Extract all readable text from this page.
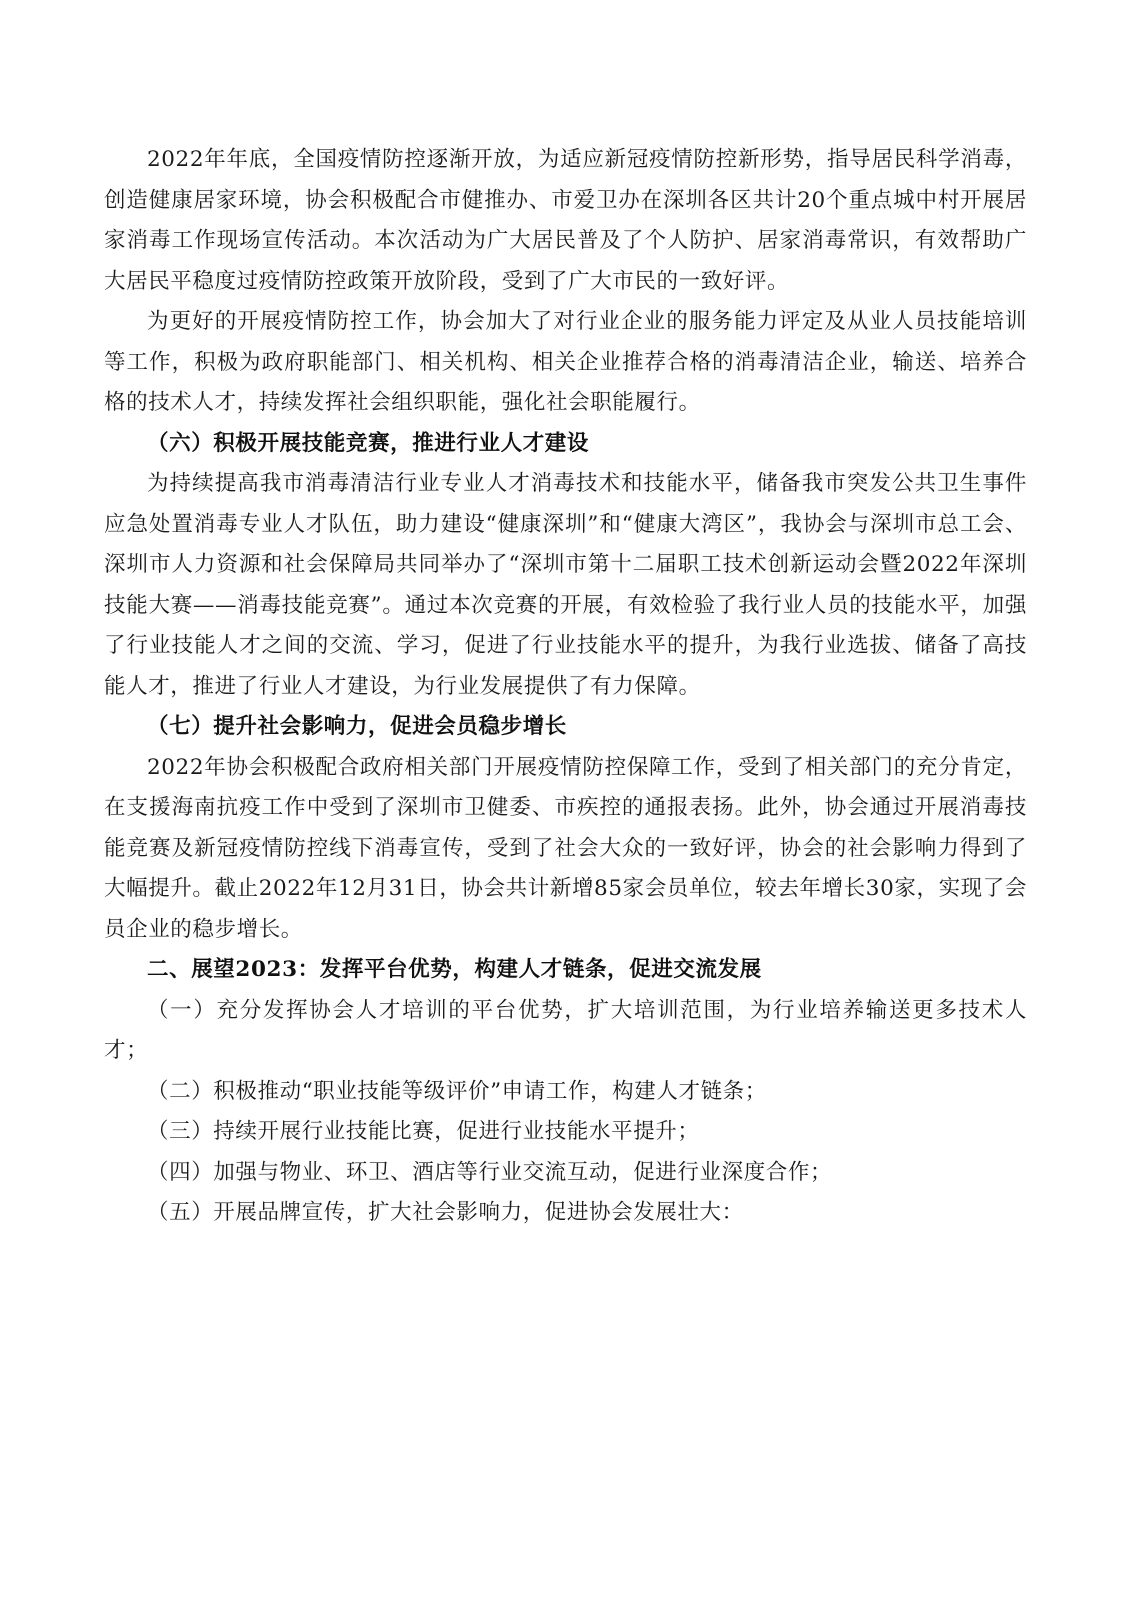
2022年年底，全国疫情防控逐渐开放，为适应新冠疫情防控新形势，指导居民科学消毒，创造健康居家环境，协会积极配合市健推办、市爱卫办在深圳各区共计20个重点城中村开展居家消毒工作现场宣传活动。本次活动为广大居民普及了个人防护、居家消毒常识，有效帮助广大居民平稳度过疫情防控政策开放阶段，受到了广大市民的一致好评。

为更好的开展疫情防控工作，协会加大了对行业企业的服务能力评定及从业人员技能培训等工作，积极为政府职能部门、相关机构、相关企业推荐合格的消毒清洁企业，输送、培养合格的技术人才，持续发挥社会组织职能，强化社会职能履行。

（六）积极开展技能竞赛，推进行业人才建设

为持续提高我市消毒清洁行业专业人才消毒技术和技能水平，储备我市突发公共卫生事件应急处置消毒专业人才队伍，助力建设“健康深圳”和“健康大湾区”，我协会与深圳市总工会、深圳市人力资源和社会保障局共同举办了“深圳市第十二届职工技术创新运动会暨2022年深圳技能大赛——消毒技能竞赛”。通过本次竞赛的开展，有效检验了我行业人员的技能水平，加强了行业技能人才之间的交流、学习，促进了行业技能水平的提升，为我行业选拔、储备了高技能人才，推进了行业人才建设，为行业发展提供了有力保障。

（七）提升社会影响力，促进会员稳步增长

2022年协会积极配合政府相关部门开展疫情防控保障工作，受到了相关部门的充分肯定，在支援海南抗疫工作中受到了深圳市卫健委、市疾控的通报表扬。此外，协会通过开展消毒技能竞赛及新冠疫情防控线下消毒宣传，受到了社会大众的一致好评，协会的社会影响力得到了大幅提升。截止2022年12月31日，协会共计新增85家会员单位，较去年增长30家，实现了会员企业的稳步增长。

二、展望2023：发挥平台优势，构建人才链条，促进交流发展

（一）充分发挥协会人才培训的平台优势，扩大培训范围，为行业培养输送更多技术人才；

（二）积极推动“职业技能等级评价”申请工作，构建人才链条；

（三）持续开展行业技能比赛，促进行业技能水平提升；

（四）加强与物业、环卫、酒店等行业交流互动，促进行业深度合作；

（五）开展品牌宣传，扩大社会影响力，促进协会发展壮大：
